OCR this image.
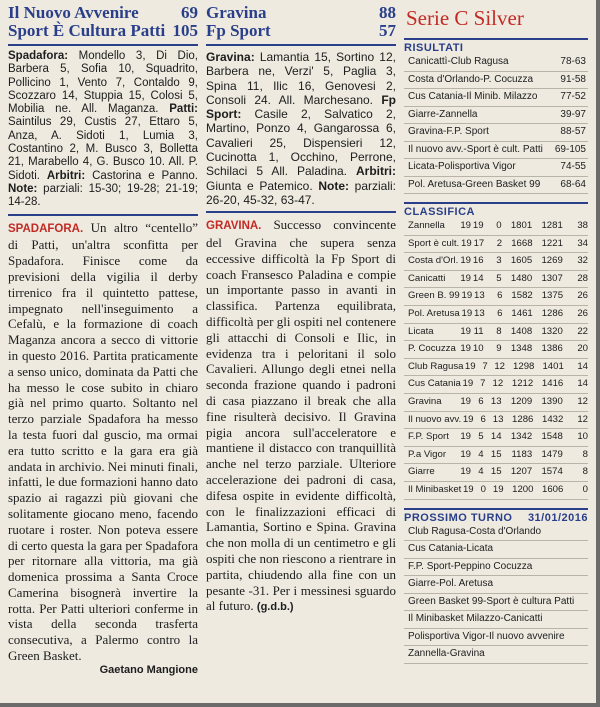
Il Nuovo Avvenire 69
Sport È Cultura Patti 105
Spadafora: Mondello 3, Di Dio, Barbera 5, Sofia 10, Squadrito, Pollicino 1, Vento 7, Contaldo 9, Scozzaro 14, Stuppia 15, Colosi 5, Mobilia ne. All. Maganza. Patti: Saintilus 29, Custis 27, Ettaro 5, Anza, A. Sidoti 1, Lumia 3, Costantino 2, M. Busco 3, Bolletta 21, Marabello 4, G. Busco 10. All. P. Sidoti. Arbitri: Castorina e Panno. Note: parziali: 15-30; 19-28; 21-19; 14-28.
SPADAFORA. Un altro “centello” di Patti, un'altra sconfitta per Spadafora. Finisce come da previsioni della vigilia il derby tirrenico fra il quintetto pattese, impegnato nell'inseguimento a Cefalù, e la formazione di coach Maganza ancora a secco di vittorie in questo 2016. Partita praticamente a senso unico, dominata da Patti che ha messo le cose subito in chiaro già nel primo quarto. Soltanto nel terzo parziale Spadafora ha messo la testa fuori dal guscio, ma ormai era tutto scritto e la gara era già andata in archivio. Nei minuti finali, infatti, le due formazioni hanno dato spazio ai ragazzi più giovani che solitamente giocano meno, facendo ruotare i roster. Non poteva essere di certo questa la gara per Spadafora per ritornare alla vittoria, ma già domenica prossima a Santa Croce Camerina bisognerà invertire la rotta. Per Patti ulteriori conferme in vista della seconda trasferta consecutiva, a Palermo contro la Green Basket.
Gaetano Mangione
Gravina	88
Fp Sport	57
Gravina: Lamantia 15, Sortino 12, Barbera ne, Verzi' 5, Paglia 3, Spina 11, Ilic 16, Genovesi 2, Consoli 24. All. Marchesano. Fp Sport: Casile 2, Salvatico 2, Martino, Ponzo 4, Gangarossa 6, Cavalieri 25, Dispensieri 12, Cucinotta 1, Occhino, Perrone, Schilaci 5 All. Paladina. Arbitri: Giunta e Patemico. Note: parziali: 26-20, 45-32, 63-47.
GRAVINA. Successo convincente del Gravina che supera senza eccessive difficoltà la Fp Sport di coach Fransesco Paladina e compie un importante passo in avanti in classifica. Partenza equilibrata, difficoltà per gli ospiti nel contenere gli attacchi di Consoli e Ilic, in evidenza tra i peloritani il solo Cavalieri. Allungo degli etnei nella seconda frazione quando i padroni di casa piazzano il break che alla fine risulterà decisivo. Il Gravina pigia ancora sull'acceleratore e mantiene il distacco con tranquillità anche nel terzo parziale. Ulteriore accelerazione dei padroni di casa, difesa ospite in evidente difficoltà, con le finalizzazioni efficaci di Lamantia, Sortino e Spina. Gravina che non molla di un centimetro e gli ospiti che non riescono a rientrare in partita, chiudendo alla fine con un pesante -31. Per i messinesi sguardo al futuro. (g.d.b.)
Serie C Silver
RISULTATI
Canicattì-Club Ragusa	78-63
Costa d'Orlando-P. Cocuzza	91-58
Cus Catania-Il Minib. Milazzo 77-52
Giarre-Zannella	39-97
Gravina-F.P. Sport	88-57
Il nuovo avv.-Sport è cult. Patti 69-105
Licata-Polisportiva Vigor	74-55
Pol. Aretusa-Green Basket 99 68-64
CLASSIFICA
Zannella	19 19	0 1801 1281	38
Sport è cult. 19 17	2 1668 1221	34
Costa d'Orl. 19 16	3 1605 1269	32
Canicatti	19 14	5 1480 1307	28
Green B. 99 19 13	6 1582 1375	26
Pol. Aretusa 19 13	6 1461 1286	26
Licata	19 11	8 1408 1320	22
P. Cocuzza 19 10	9 1348 1386	20
Club Ragusa 19 7 12 1298 1401	14
Cus Catania 19 7 12 1212 1416	14
Gravina	19 6 13 1209 1390	12
Il nuovo avv. 19 6 13 1286 1432	12
F.P. Sport	19 5 14 1342 1548	10
P.a Vigor	19 4 15	1183 1479	8
Giarre	19 4 15 1207 1574	8
Il Minibasket 19 0 19 1200 1606	0
PROSSIMO TURNO 31/01/2016
Club Ragusa-Costa d'Orlando
Cus Catania-Licata
F.P. Sport-Peppino Cocuzza
Giarre-Pol. Aretusa
Green Basket 99-Sport è cultura Patti
Il Minibasket Milazzo-Canicatti
Polisportiva Vigor-Il nuovo avvenire
Zannella-Gravina
